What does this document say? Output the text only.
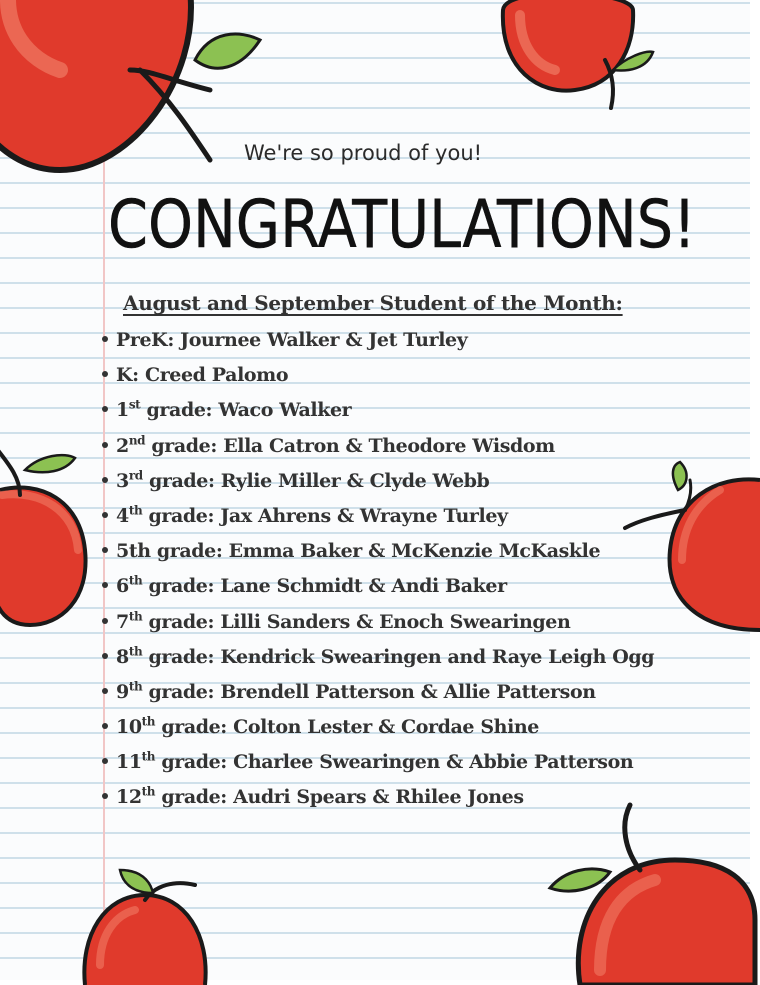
We're so proud of you!
CONGRATULATIONS!
August and September Student of the Month:
PreK: Journee Walker & Jet Turley
K: Creed Palomo
1st grade: Waco Walker
2nd grade: Ella Catron & Theodore Wisdom
3rd grade: Rylie Miller & Clyde Webb
4th grade: Jax Ahrens & Wrayne Turley
5th grade: Emma Baker & McKenzie McKaskle
6th grade: Lane Schmidt & Andi Baker
7th grade: Lilli Sanders & Enoch Swearingen
8th grade: Kendrick Swearingen and Raye Leigh Ogg
9th grade: Brendell Patterson & Allie Patterson
10th grade: Colton Lester & Cordae Shine
11th grade: Charlee Swearingen & Abbie Patterson
12th grade: Audri Spears & Rhilee Jones
